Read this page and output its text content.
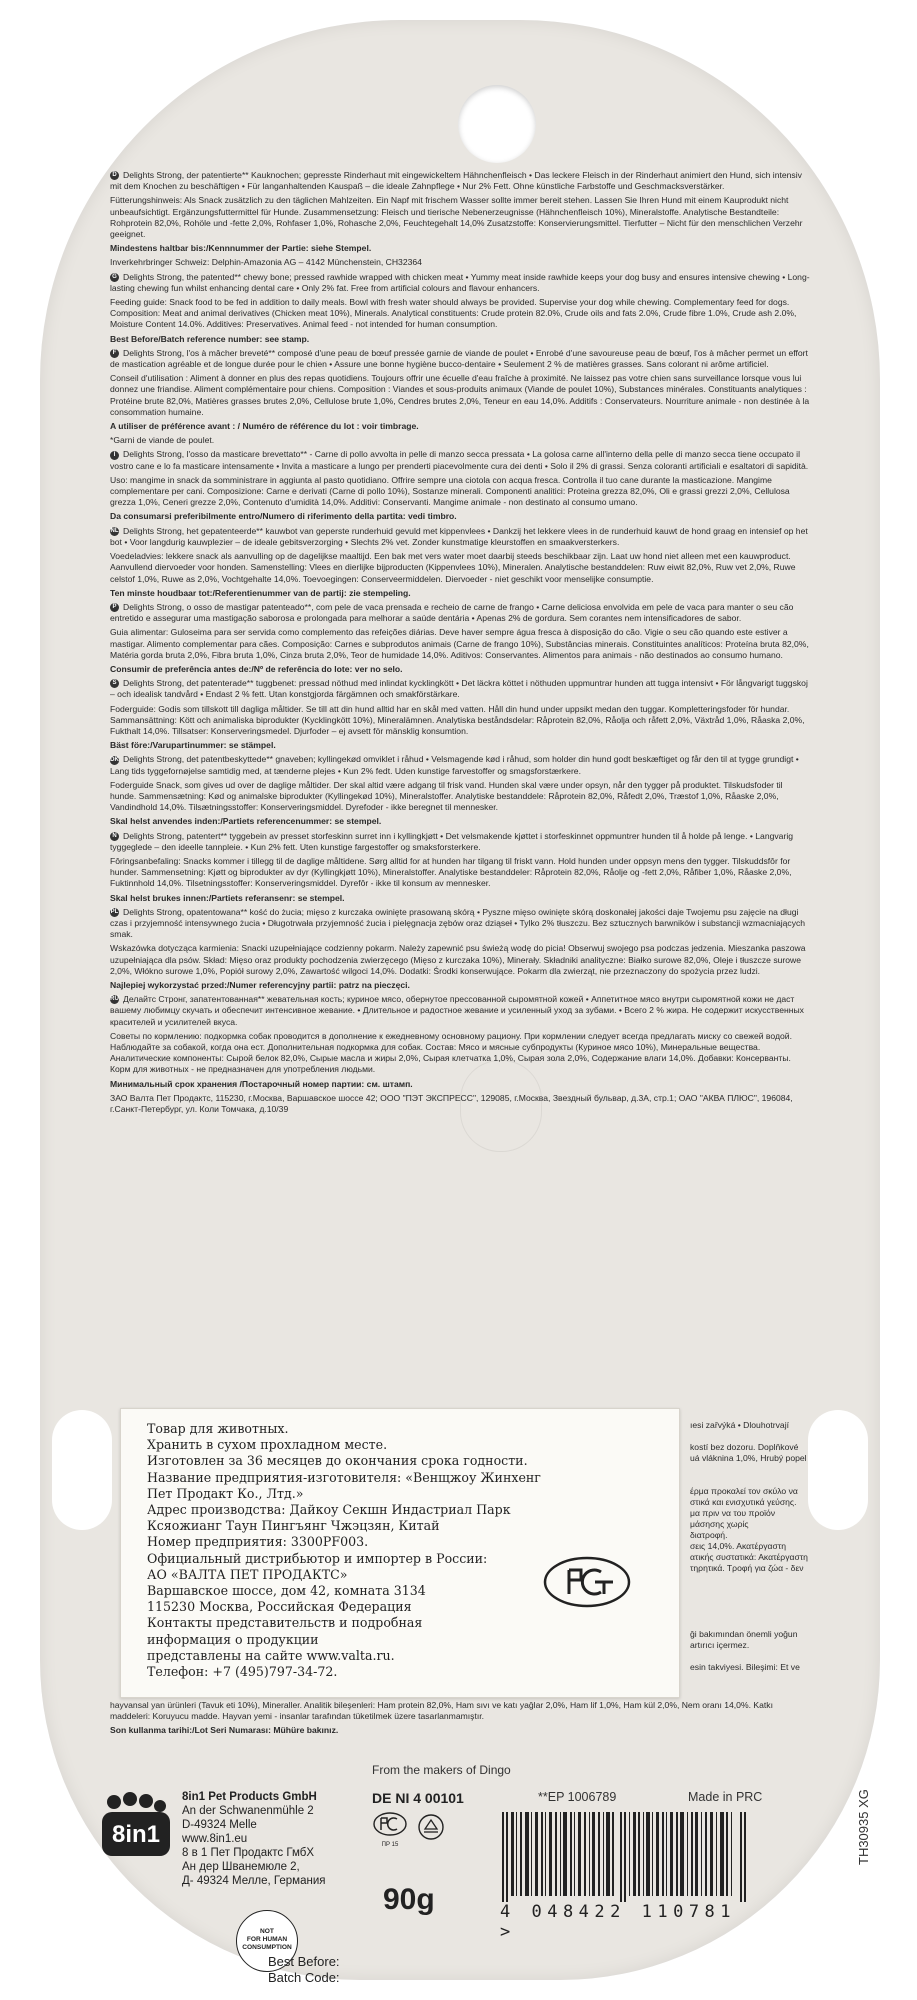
D Delights Strong, der patentierte** Kauknochen; gepresste Rinderhaut mit eingewickeltem Hähnchenfleisch • Das leckere Fleisch in der Rinderhaut animiert den Hund, sich intensiv mit dem Knochen zu beschäftigen • Für langanhaltenden Kauspaß – die ideale Zahnpflege • Nur 2% Fett. Ohne künstliche Farbstoffe und Geschmacksverstärker.

Fütterungshinweis: Als Snack zusätzlich zu den täglichen Mahlzeiten. Ein Napf mit frischem Wasser sollte immer bereit stehen. Lassen Sie Ihren Hund mit einem Kauprodukt nicht unbeaufsichtigt. Ergänzungsfuttermittel für Hunde. Zusammensetzung: Fleisch und tierische Nebenerzeugnisse (Hähnchenfleisch 10%), Mineralstoffe. Analytische Bestandteile: Rohprotein 82,0%, Rohöle und -fette 2,0%, Rohfaser 1,0%, Rohasche 2,0%, Feuchtegehalt 14,0% Zusatzstoffe: Konservierungsmittel. Tierfutter – Nicht für den menschlichen Verzehr geeignet.

Mindestens haltbar bis:/Kennnummer der Partie: siehe Stempel.

Inverkehrbringer Schweiz: Delphin-Amazonia AG – 4142 Münchenstein, CH32364

G Delights Strong, the patented** chewy bone; pressed rawhide wrapped with chicken meat • Yummy meat inside rawhide keeps your dog busy and ensures intensive chewing • Long-lasting chewing fun whilst enhancing dental care • Only 2% fat. Free from artificial colours and flavour enhancers.

Feeding guide: Snack food to be fed in addition to daily meals. Bowl with fresh water should always be provided. Supervise your dog while chewing. Complementary feed for dogs. Composition: Meat and animal derivatives (Chicken meat 10%), Minerals. Analytical constituents: Crude protein 82.0%, Crude oils and fats 2.0%, Crude fibre 1.0%, Crude ash 2.0%, Moisture Content 14.0%. Additives: Preservatives. Animal feed - not intended for human consumption.

Best Before/Batch reference number: see stamp.

F Delights Strong, l'os à mâcher breveté** composé d'une peau de bœuf pressée garnie de viande de poulet • Enrobé d'une savoureuse peau de bœuf, l'os à mâcher permet un effort de mastication agréable et de longue durée pour le chien • Assure une bonne hygiène bucco-dentaire • Seulement 2 % de matières grasses. Sans colorant ni arôme artificiel.

Conseil d'utilisation : Aliment à donner en plus des repas quotidiens. Toujours offrir une écuelle d'eau fraîche à proximité. Ne laissez pas votre chien sans surveillance lorsque vous lui donnez une friandise. Aliment complémentaire pour chiens. Composition : Viandes et sous-produits animaux (Viande de poulet 10%), Substances minérales. Constituants analytiques : Protéine brute 82,0%, Matières grasses brutes 2,0%, Cellulose brute 1,0%, Cendres brutes 2,0%, Teneur en eau 14,0%. Additifs : Conservateurs. Nourriture animale - non destinée à la consommation humaine.

A utiliser de préférence avant : / Numéro de référence du lot : voir timbrage.

*Garni de viande de poulet.

I Delights Strong, l'osso da masticare brevettato** - Carne di pollo avvolta in pelle di manzo secca pressata • La golosa carne all'interno della pelle di manzo secca tiene occupato il vostro cane e lo fa masticare intensamente • Invita a masticare a lungo per prenderti piacevolmente cura dei denti • Solo il 2% di grassi. Senza coloranti artificiali e esaltatori di sapidità.

Uso: mangime in snack da somministrare in aggiunta al pasto quotidiano. Offrire sempre una ciotola con acqua fresca. Controlla il tuo cane durante la masticazione. Mangime complementare per cani. Composizione: Carne e derivati (Carne di pollo 10%), Sostanze minerali. Componenti analitici: Proteina grezza 82,0%, Oli e grassi grezzi 2,0%, Cellulosa grezza 1,0%, Ceneri grezze 2,0%, Contenuto d'umidità 14,0%. Additivi: Conservanti. Mangime animale - non destinato al consumo umano.

Da consumarsi preferibilmente entro/Numero di riferimento della partita: vedi timbro.

NL Delights Strong, het gepatenteerde** kauwbot van geperste runderhuid gevuld met kippenvlees • Dankzij het lekkere vlees in de runderhuid kauwt de hond graag en intensief op het bot • Voor langdurig kauwplezier – de ideale gebitsverzorging • Slechts 2% vet. Zonder kunstmatige kleurstoffen en smaakversterkers.

Voedeladvies: lekkere snack als aanvulling op de dagelijkse maaltijd. Een bak met vers water moet daarbij steeds beschikbaar zijn. Laat uw hond niet alleen met een kauwproduct. Aanvullend diervoeder voor honden. Samenstelling: Vlees en dierlijke bijproducten (Kippenvlees 10%), Mineralen. Analytische bestanddelen: Ruw eiwit 82,0%, Ruw vet 2,0%, Ruwe celstof 1,0%, Ruwe as 2,0%, Vochtgehalte 14,0%. Toevoegingen: Conserveermiddelen. Diervoeder - niet geschikt voor menselijke consumptie.

Ten minste houdbaar tot:/Referentienummer van de partij: zie stempeling.

P Delights Strong, o osso de mastigar patenteado**, com pele de vaca prensada e recheio de carne de frango • Carne deliciosa envolvida em pele de vaca para manter o seu cão entretido e assegurar uma mastigação saborosa e prolongada para melhorar a saúde dentária • Apenas 2% de gordura. Sem corantes nem intensificadores de sabor.

Guia alimentar: Guloseima para ser servida como complemento das refeições diárias. Deve haver sempre água fresca à disposição do cão. Vigie o seu cão quando este estiver a mastigar. Alimento complementar para cães. Composição: Carnes e subprodutos animais (Carne de frango 10%), Substâncias minerais. Constituintes analíticos: Proteína bruta 82,0%, Matéria gorda bruta 2,0%, Fibra bruta 1,0%, Cinza bruta 2,0%, Teor de humidade 14,0%. Aditivos: Conservantes. Alimentos para animais - não destinados ao consumo humano.

Consumir de preferência antes de:/Nº de referência do lote: ver no selo.

S Delights Strong, det patenterade** tuggbenet: pressad nöthud med inlindat kycklingkött • Det läckra köttet i nöthuden uppmuntrar hunden att tugga intensivt • För långvarigt tuggskoj – och idealisk tandvård • Endast 2 % fett. Utan konstgjorda färgämnen och smakförstärkare.

Foderguide: Godis som tillskott till dagliga måltider. Se till att din hund alltid har en skål med vatten. Håll din hund under uppsikt medan den tuggar. Kompletteringsfoder för hundar. Sammansättning: Kött och animaliska biprodukter (Kycklingkött 10%), Mineralämnen. Analytiska beståndsdelar: Råprotein 82,0%, Råolja och råfett 2,0%, Växtråd 1,0%, Råaska 2,0%, Fukthalt 14,0%. Tillsatser: Konserveringsmedel. Djurfoder – ej avsett för mänsklig konsumtion.

Bäst före:/Varupartinummer: se stämpel.

DK Delights Strong, det patentbeskyttede** gnaveben; kyllingekød omviklet i råhud • Velsmagende kød i råhud, som holder din hund godt beskæftiget og får den til at tygge grundigt • Lang tids tyggefornøjelse samtidig med, at tænderne plejes • Kun 2% fedt. Uden kunstige farvestoffer og smagsforstærkere.

Foderguide Snack, som gives ud over de daglige måltider. Der skal altid være adgang til frisk vand. Hunden skal være under opsyn, når den tygger på produktet. Tilskudsfoder til hunde. Sammensætning: Kød og animalske biprodukter (Kyllingekød 10%), Mineralstoffer. Analytiske bestanddele: Råprotein 82,0%, Råfedt 2,0%, Træstof 1,0%, Råaske 2,0%, Vandindhold 14,0%. Tilsætningsstoffer: Konserveringsmiddel. Dyrefoder - ikke beregnet til mennesker.

Skal helst anvendes inden:/Partiets referencenummer: se stempel.

N Delights Strong, patentert** tyggebein av presset storfeskinn surret inn i kyllingkjøtt • Det velsmakende kjøttet i storfeskinnet oppmuntrer hunden til å holde på lenge. • Langvarig tyggeglede – den ideelle tannpleie. • Kun 2% fett. Uten kunstige fargestoffer og smaksforsterkere.

Fôringsanbefaling: Snacks kommer i tillegg til de daglige måltidene. Sørg alltid for at hunden har tilgang til friskt vann. Hold hunden under oppsyn mens den tygger. Tilskuddsfôr for hunder. Sammensetning: Kjøtt og biprodukter av dyr (Kyllingkjøtt 10%), Mineralstoffer. Analytiske bestanddeler: Råprotein 82,0%, Råolje og -fett 2,0%, Råfiber 1,0%, Råaske 2,0%, Fuktinnhold 14,0%. Tilsetningsstoffer: Konserveringsmiddel. Dyrefôr - ikke til konsum av mennesker.

Skal helst brukes innen:/Partiets referansenr: se stempel.

PL Delights Strong, opatentowana** kość do żucia; mięso z kurczaka owinięte prasowaną skórą • Pyszne mięso owinięte skórą doskonałej jakości daje Twojemu psu zajęcie na długi czas i przyjemność intensywnego żucia • Długotrwała przyjemność żucia i pielęgnacja zębów oraz dziąseł • Tylko 2% tłuszczu. Bez sztucznych barwników i substancji wzmacniających smak.

Wskazówka dotycząca karmienia: Snacki uzupełniające codzienny pokarm. Należy zapewnić psu świeżą wodę do picia! Obserwuj swojego psa podczas jedzenia. Mieszanka paszowa uzupełniająca dla psów. Skład: Mięso oraz produkty pochodzenia zwierzęcego (Mięso z kurczaka 10%), Minerały. Składniki analityczne: Białko surowe 82,0%, Oleje i tłuszcze surowe 2,0%, Włókno surowe 1,0%, Popiół surowy 2,0%, Zawartość wilgoci 14,0%. Dodatki: Środki konserwujące. Pokarm dla zwierząt, nie przeznaczony do spożycia przez ludzi.

Najlepiej wykorzystać przed:/Numer referencyjny partii: patrz na pieczęci.

RU Делайтс Стронг, запатентованная** жевательная кость; куриное мясо, обернутое прессованной сыромятной кожей • Аппетитное мясо внутри сыромятной кожи не даст вашему любимцу скучать и обеспечит интенсивное жевание. • Длительное и радостное жевание и усиленный уход за зубами. • Всего 2 % жира. Не содержит искусственных красителей и усилителей вкуса.

Советы по кормлению: подкормка собак проводится в дополнение к ежедневному основному рациону. При кормлении следует всегда предлагать миску со свежей водой. Наблюдайте за собакой, когда она ест. Дополнительная подкормка для собак. Состав: Мясо и мясные субпродукты (Куриное мясо 10%), Минеральные вещества. Аналитические компоненты: Сырой белок 82,0%, Сырые масла и жиры 2,0%, Сырая клетчатка 1,0%, Сырая зола 2,0%, Содержание влаги 14,0%. Добавки: Консерванты. Корм для животных - не предназначен для употребления людьми.

Минимальный срок хранения /Постарочный номер партии: см. штамп.

ЗАО Валта Пет Продактс, 115230, г.Москва, Варшавское шоссе 42; ООО "ПЭТ ЭКСПРЕСС", 129085, г.Москва, Звездный бульвар, д.3А, стр.1; ОАО "АКВА ПЛЮС", 196084, г.Санкт-Петербург, ул. Коли Томчака, д.10/39

ıesi zařvýká • Dlouhotrvají

kostí bez dozoru. Doplňkové
uá vláknina 1,0%, Hrubý popel

έρμα προκαλεί τον σκύλο να
στικά και ενισχυτικά γεύσης.
μα πριν να του προϊόν μάσησης χωρίς
διατροφή.
σεις 14,0%. Ακατέργαστη
ατικής συστατικά: Ακατέργαστη
τηρητικά. Τροφή για ζώα - δεν

ği bakımından önemli yoğun
artırıcı içermez.

esin takviyesi. Bileşimi: Et ve
Товар для животных.
Хранить в сухом прохладном месте.
Изготовлен за 36 месяцев до окончания срока годности.
Название предприятия-изготовителя: «Венщжоу Жинхенг
Пет Продакт Ко., Лтд.»
Адрес производства: Дайкоу Секшн Индастриал Парк
Ксяожианг Таун Пингъянг Чжэцзян, Китай
Номер предприятия: 3300PF003.
Официальный дистрибьютор и импортер в России:
АО «ВАЛТА ПЕТ ПРОДАКТС»
Варшавское шоссе, дом 42, комната 3134
115230 Москва, Российская Федерация
Контакты представительств и подробная
информация о продукции
представлены на сайте www.valta.ru.
Телефон: +7 (495)797-34-72.

hayvansal yan ürünleri (Tavuk eti 10%), Mineraller. Analitik bileşenleri: Ham protein 82,0%, Ham sıvı ve katı yağlar 2,0%, Ham lif 1,0%, Ham kül 2,0%, Nem oranı 14,0%. Katkı maddeleri: Koruyucu madde. Hayvan yemi - insanlar tarafından tüketilmek üzere tasarlanmamıştır.

Son kullanma tarihi:/Lot Seri Numarası: Mühüre bakınız.

From the makers of Dingo
8in1
8in1 Pet Products GmbH
An der Schwanenmühle 2
D-49324 Melle
www.8in1.eu
8 в 1 Пет Продактс ГмбХ
Ан дер Шванемюле 2,
Д- 49324 Мелле, Германия
DE NI 4 00101	**EP 1006789	Made in PRC	TH30935 XG
ПР 15
90g	4 048422 110781 >
NOT
FOR HUMAN
CONSUMPTION
Best Before:
Batch Code:
